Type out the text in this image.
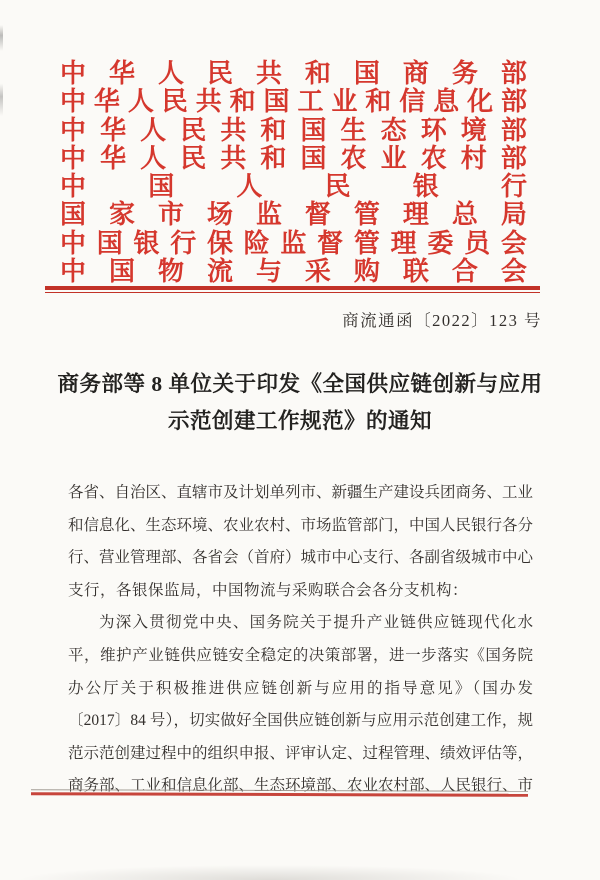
中 华 人 民 共 和 国 商 务 部
中 华 人 民 共 和 国 工 业 和 信 息 化 部
中 华 人 民 共 和 国 生 态 环 境 部
中 华 人 民 共 和 国 农 业 农 村 部
中 国 人 民 银 行
国 家 市 场 监 督 管 理 总 局
中 国 银 行 保 险 监 督 管 理 委 员 会
中 国 物 流 与 采 购 联 合 会
商流通函〔2022〕123 号
商务部等 8 单位关于印发《全国供应链创新与应用
示范创建工作规范》的通知
各省、自治区、直辖市及计划单列市、新疆生产建设兵团商务、工业
和信息化、生态环境、农业农村、市场监管部门，中国人民银行各分
行、营业管理部、各省会（首府）城市中心支行、各副省级城市中心
支行，各银保监局，中国物流与采购联合会各分支机构：
为深入贯彻党中央、国务院关于提升产业链供应链现代化水
平，维护产业链供应链安全稳定的决策部署，进一步落实《国务院
办公厅关于积极推进供应链创新与应用的指导意见》（国办发
〔2017〕84 号），切实做好全国供应链创新与应用示范创建工作，规
范示范创建过程中的组织申报、评审认定、过程管理、绩效评估等，
商务部、工业和信息化部、生态环境部、农业农村部、人民银行、市
